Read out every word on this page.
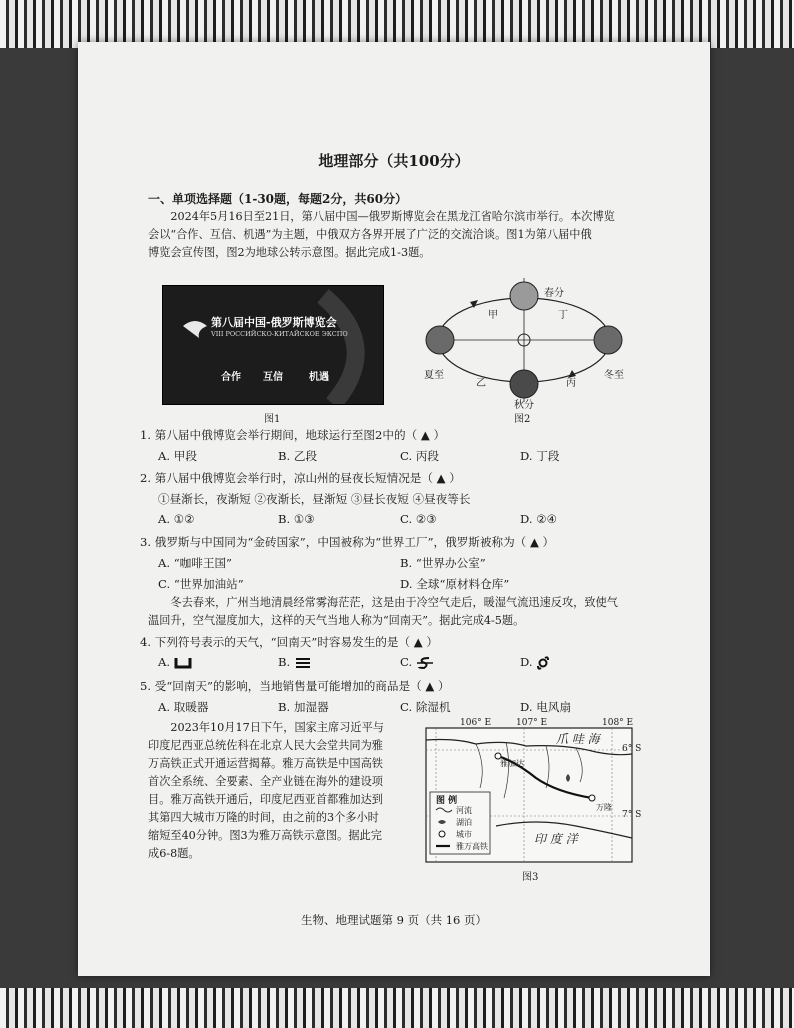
地理部分（共100分）
一、单项选择题（1-30题，每题2分，共60分）
2024年5月16日至21日，第八届中国—俄罗斯博览会在黑龙江省哈尔滨市举行。本次博览
会以“合作、互信、机遇”为主题，中俄双方各界开展了广泛的交流洽谈。图1为第八届中俄
博览会宣传图，图2为地球公转示意图。据此完成1-3题。
第八届中国-俄罗斯博览会
VIII РОССИЙСКО-КИТАЙСКОЕ ЭКСПО
合作 互信	机遇
图1
春分
甲	丁
夏至	冬至
乙	丙
秋分
图2
1. 第八届中俄博览会举行期间，地球运行至图2中的（ ▲ ）
A. 甲段	B. 乙段	C. 丙段	D. 丁段
2. 第八届中俄博览会举行时，凉山州的昼夜长短情况是（ ▲ ）
①昼渐长，夜渐短 ②夜渐长，昼渐短 ③昼长夜短 ④昼夜等长
A. ①②	B. ①③	C. ②③	D. ②④
3. 俄罗斯与中国同为“金砖国家”，中国被称为“世界工厂”，俄罗斯被称为（ ▲ ）
A. “咖啡王国”	B. “世界办公室”
C. “世界加油站”	D. 全球“原材料仓库”
冬去春来，广州当地清晨经常雾海茫茫，这是由于冷空气走后，暖湿气流迅速反攻，致使气
温回升，空气湿度加大，这样的天气当地人称为“回南天”。据此完成4-5题。
4. 下列符号表示的天气，“回南天”时容易发生的是（ ▲ ）
A.	B.	C.	D.
5. 受“回南天”的影响，当地销售量可能增加的商品是（ ▲ ）
A. 取暖器	B. 加湿器	C. 除湿机	D. 电风扇
2023年10月17日下午，国家主席习近平与
印度尼西亚总统佐科在北京人民大会堂共同为雅
万高铁正式开通运营揭幕。雅万高铁是中国高铁
首次全系统、全要素、全产业链在海外的建设项
目。雅万高铁开通后，印度尼西亚首都雅加达到
其第四大城市万隆的时间，由之前的3个多小时
缩短至40分钟。图3为雅万高铁示意图。据此完
成6-8题。
106° E	107° E	108° E
6° S
7° S
爪 哇 海
印 度 洋
雅加达
万隆
图 例
河流
湖泊
城市
雅万高铁
图3
生物、地理试题第 9 页（共 16 页）
